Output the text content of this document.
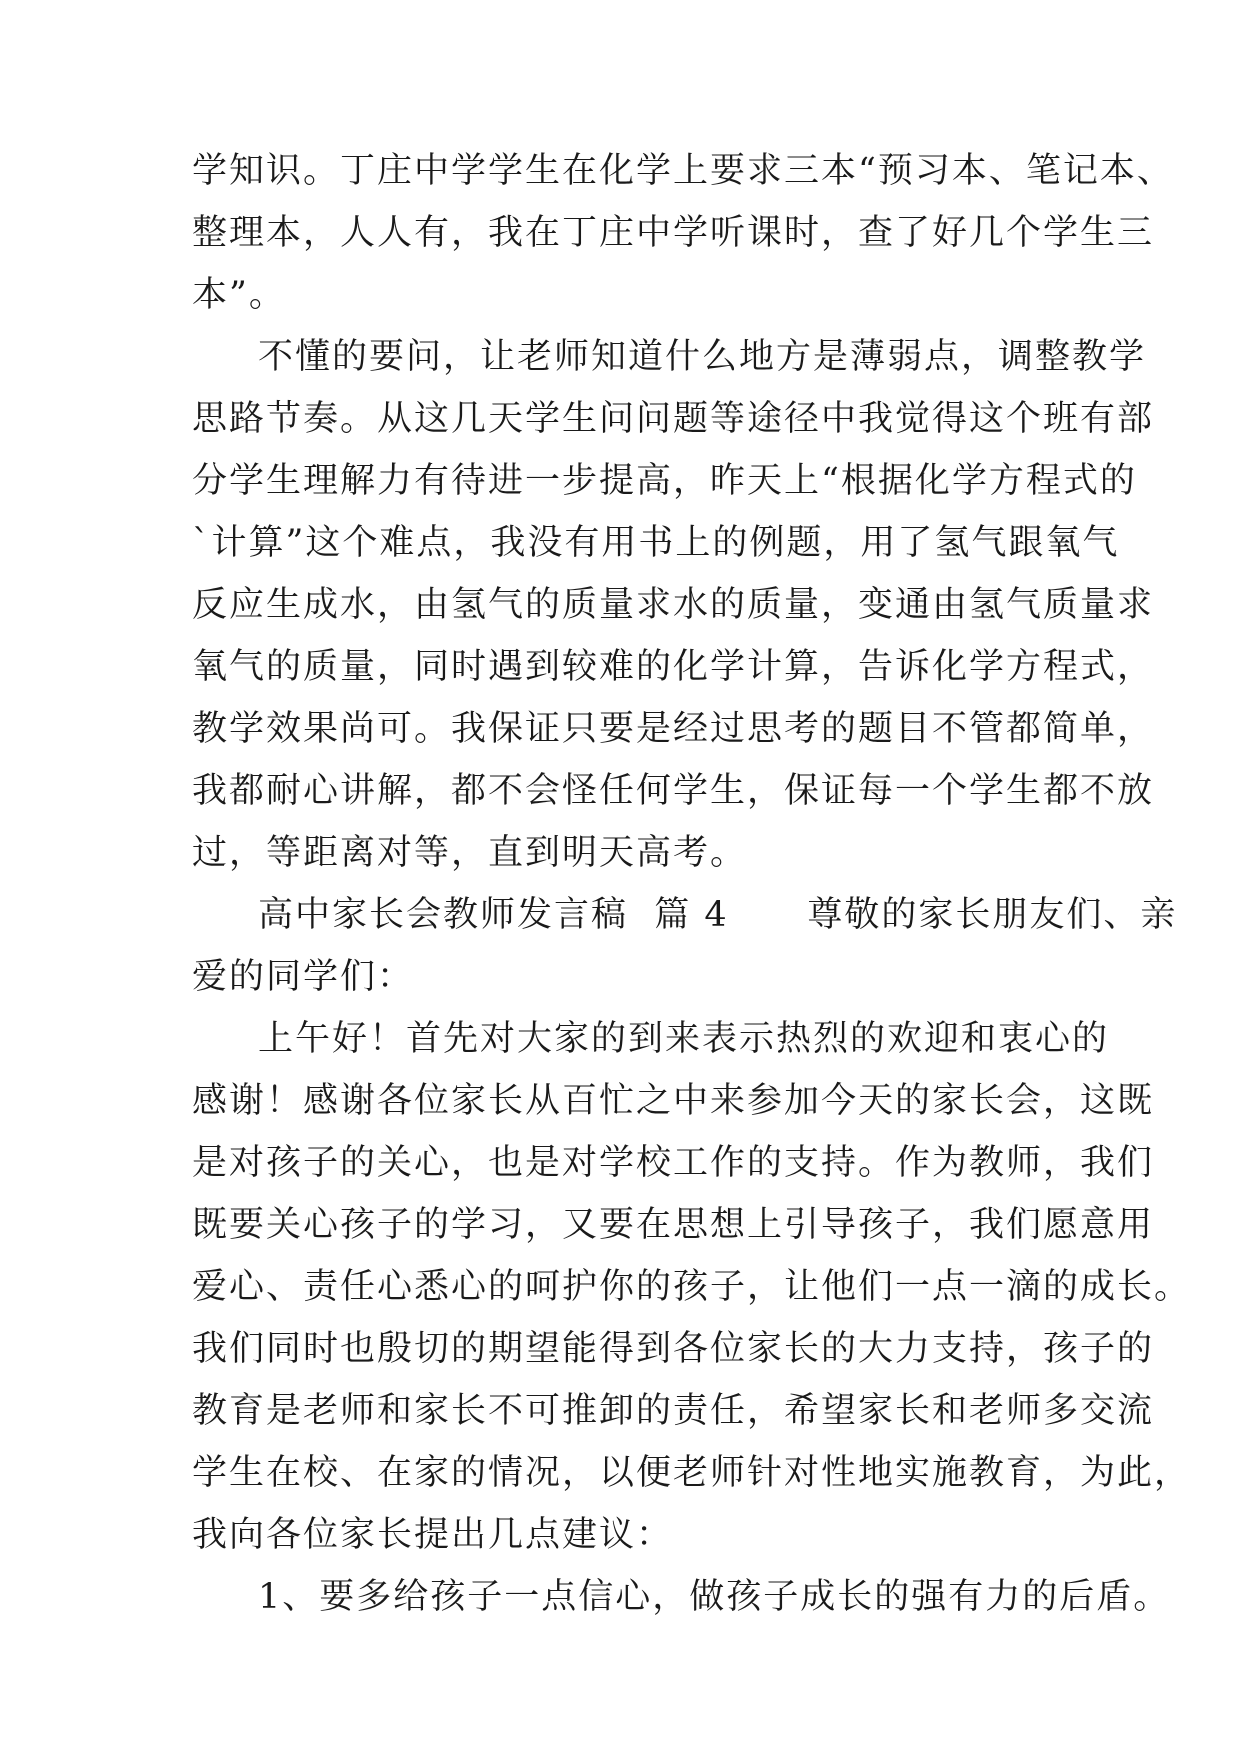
学知识。丁庄中学学生在化学上要求三本“预习本、笔记本、
整理本，人人有，我在丁庄中学听课时，查了好几个学生三
本”。
不懂的要问，让老师知道什么地方是薄弱点，调整教学
思路节奏。从这几天学生问问题等途径中我觉得这个班有部
分学生理解力有待进一步提高，昨天上“根据化学方程式的
`计算”这个难点，我没有用书上的例题，用了氢气跟氧气
反应生成水，由氢气的质量求水的质量，变通由氢气质量求
氧气的质量，同时遇到较难的化学计算，告诉化学方程式，
教学效果尚可。我保证只要是经过思考的题目不管都简单，
我都耐心讲解，都不会怪任何学生，保证每一个学生都不放
过，等距离对等，直到明天高考。
高中家长会教师发言稿  篇 4      尊敬的家长朋友们、亲
爱的同学们：
上午好！首先对大家的到来表示热烈的欢迎和衷心的
感谢！感谢各位家长从百忙之中来参加今天的家长会，这既
是对孩子的关心，也是对学校工作的支持。作为教师，我们
既要关心孩子的学习，又要在思想上引导孩子，我们愿意用
爱心、责任心悉心的呵护你的孩子，让他们一点一滴的成长。
我们同时也殷切的期望能得到各位家长的大力支持，孩子的
教育是老师和家长不可推卸的责任，希望家长和老师多交流
学生在校、在家的情况，以便老师针对性地实施教育，为此，
我向各位家长提出几点建议：
1、要多给孩子一点信心，做孩子成长的强有力的后盾。
